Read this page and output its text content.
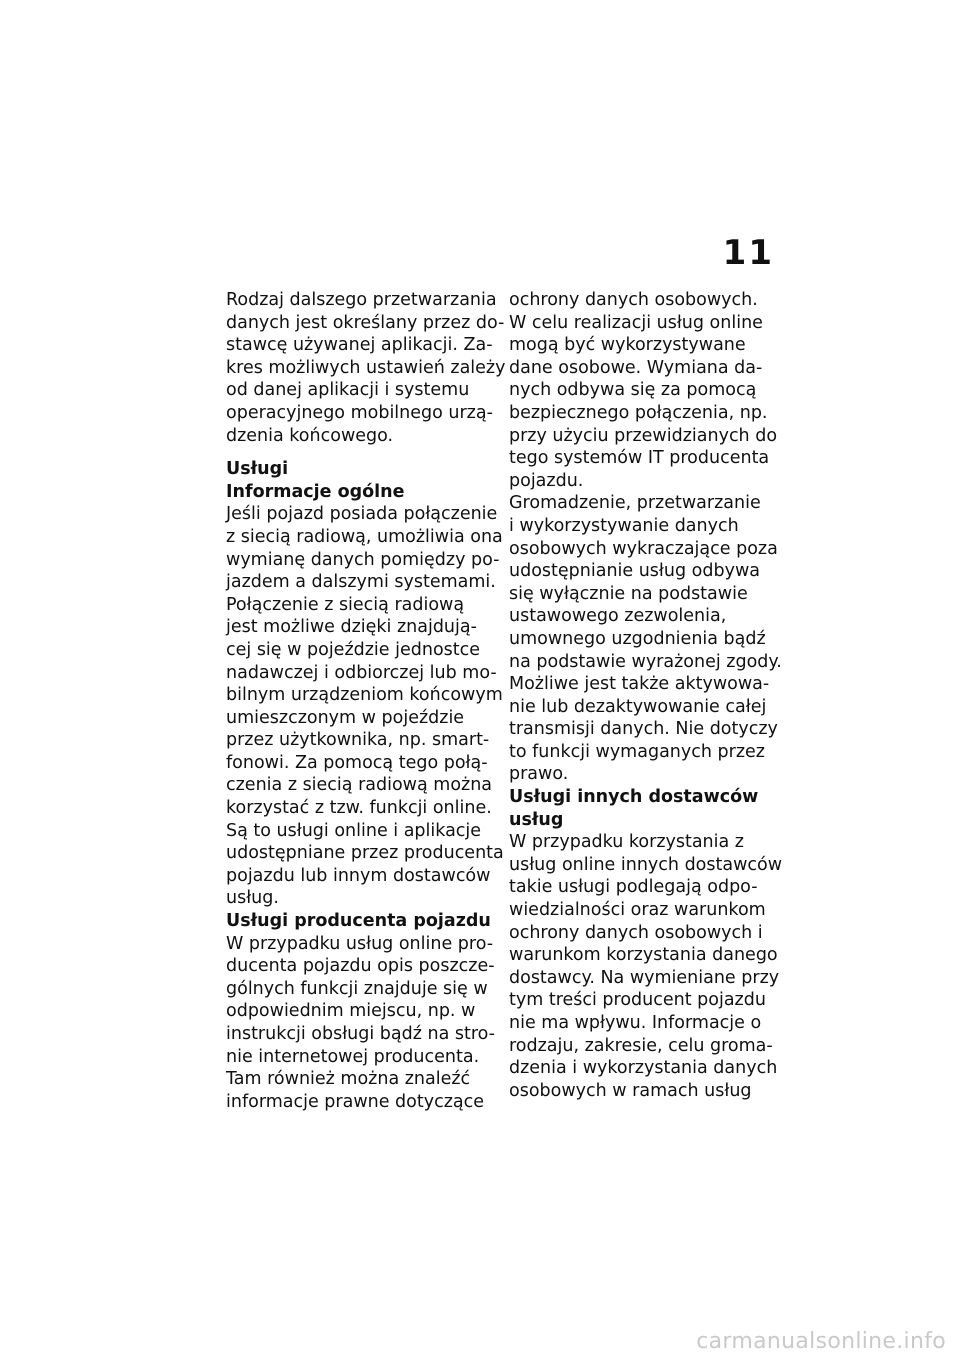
11
Rodzaj dalszego przetwarzania
danych jest określany przez do-
stawcę używanej aplikacji. Za-
kres możliwych ustawień zależy
od danej aplikacji i systemu
operacyjnego mobilnego urzą-
dzenia końcowego.
Usługi
Informacje ogólne
Jeśli pojazd posiada połączenie
z siecią radiową, umożliwia ona
wymianę danych pomiędzy po-
jazdem a dalszymi systemami.
Połączenie z siecią radiową
jest możliwe dzięki znajdują-
cej się w pojeździe jednostce
nadawczej i odbiorczej lub mo-
bilnym urządzeniom końcowym
umieszczonym w pojeździe
przez użytkownika, np. smart-
fonowi. Za pomocą tego połą-
czenia z siecią radiową można
korzystać z tzw. funkcji online.
Są to usługi online i aplikacje
udostępniane przez producenta
pojazdu lub innym dostawców
usług.
Usługi producenta pojazdu
W przypadku usług online pro-
ducenta pojazdu opis poszcze-
gólnych funkcji znajduje się w
odpowiednim miejscu, np. w
instrukcji obsługi bądź na stro-
nie internetowej producenta.
Tam również można znaleźć
informacje prawne dotyczące
ochrony danych osobowych.
W celu realizacji usług online
mogą być wykorzystywane
dane osobowe. Wymiana da-
nych odbywa się za pomocą
bezpiecznego połączenia, np.
przy użyciu przewidzianych do
tego systemów IT producenta
pojazdu.
Gromadzenie, przetwarzanie
i wykorzystywanie danych
osobowych wykraczające poza
udostępnianie usług odbywa
się wyłącznie na podstawie
ustawowego zezwolenia,
umownego uzgodnienia bądź
na podstawie wyrażonej zgody.
Możliwe jest także aktywowa-
nie lub dezaktywowanie całej
transmisji danych. Nie dotyczy
to funkcji wymaganych przez
prawo.
Usługi innych dostawców
usług
W przypadku korzystania z
usług online innych dostawców
takie usługi podlegają odpo-
wiedzialności oraz warunkom
ochrony danych osobowych i
warunkom korzystania danego
dostawcy. Na wymieniane przy
tym treści producent pojazdu
nie ma wpływu. Informacje o
rodzaju, zakresie, celu groma-
dzenia i wykorzystania danych
osobowych w ramach usług
carmanualsonline.info
